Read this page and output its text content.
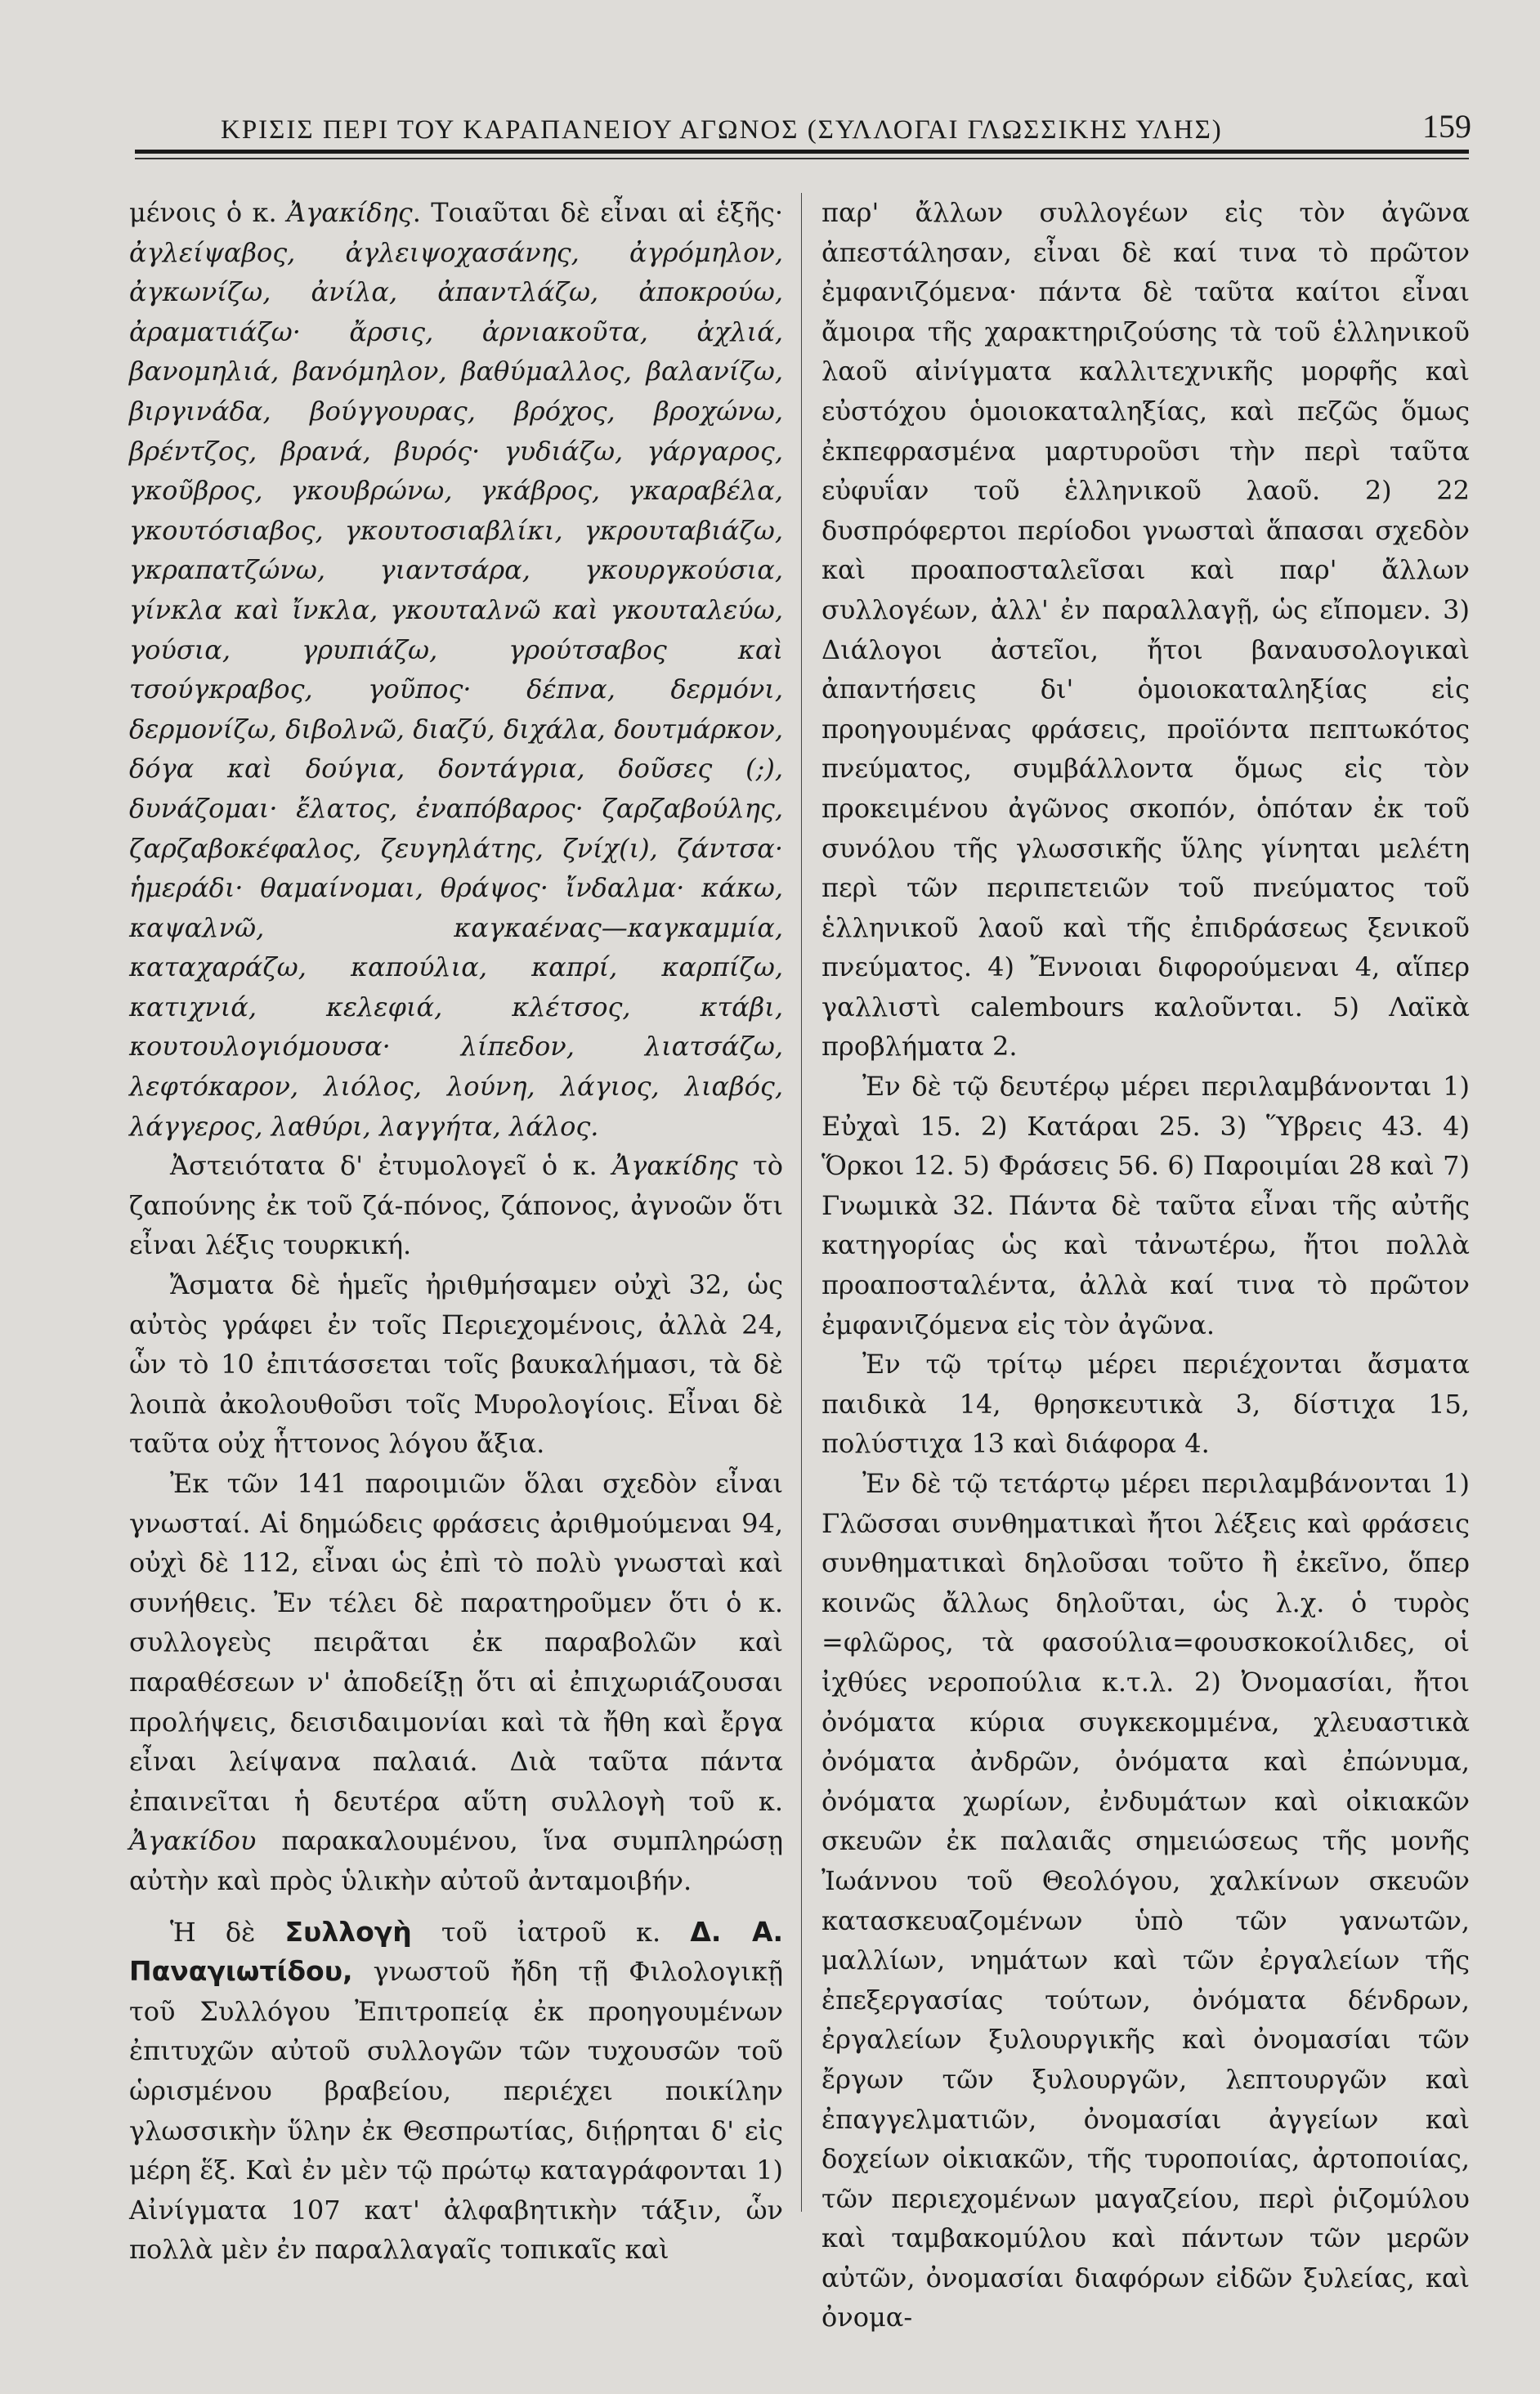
ΚΡΙΣΙΣ ΠΕΡΙ ΤΟΥ ΚΑΡΑΠΑΝΕΙΟΥ ΑΓΩΝΟΣ (ΣΥΛΛΟΓΑΙ ΓΛΩΣΣΙΚΗΣ ΥΛΗΣ)	159

μένοις ὁ κ. Ἀγακίδης. Τοιαῦται δὲ εἶναι αἱ ἑξῆς· ἀγλείψαβος, ἀγλειψοχασάνης, ἀγρόμηλον, ἀγκωνίζω, ἀνίλα, ἀπαντλάζω, ἀποκρούω, ἀραματιάζω· ἄρσις, ἀρνιακοῦτα, ἀχλιά, βανομηλιά, βανόμηλον, βαθύμαλλος, βαλανίζω, βιργινάδα, βούγγουρας, βρόχος, βροχώνω, βρέντζος, βρανά, βυρός· γυδιάζω, γάργαρος, γκοῦβρος, γκουβρώνω, γκάβρος, γκαραβέλα, γκουτόσιαβος, γκουτοσιαβλίκι, γκρουταβιάζω, γκραπατζώνω, γιαντσάρα, γκουργκούσια, γίνκλα καὶ ἴνκλα, γκουταλνῶ καὶ γκουταλεύω, γούσια, γρυπιάζω, γρούτσαβος καὶ τσούγκραβος, γοῦπος· δέπνα, δερμόνι, δερμονίζω, διβολνῶ, διαζύ, διχάλα, δουτμάρκον, δόγα καὶ δούγια, δοντάγρια, δοῦσες (;), δυνάζομαι· ἔλατος, ἐναπόβαρος· ζαρζαβούλης, ζαρζαβοκέφαλος, ζευγηλάτης, ζνίχ(ι), ζάντσα· ἡμεράδι· θαμαίνομαι, θράψος· ἴνδαλμα· κάκω, καψαλνῶ, καγκαένας—καγκαμμία, καταχαράζω, καπούλια, καπρί, καρπίζω, κατιχνιά, κελεφιά, κλέτσος, κτάβι, κουτουλογιόμουσα· λίπεδον, λιατσάζω, λεφτόκαρον, λιόλος, λούνη, λάγιος, λιαβός, λάγγερος, λαθύρι, λαγγήτα, λάλος.

Ἀστειότατα δ' ἐτυμολογεῖ ὁ κ. Ἀγακίδης τὸ ζαπούνης ἐκ τοῦ ζά-πόνος, ζάπονος, ἀγνοῶν ὅτι εἶναι λέξις τουρκική.

Ἄσματα δὲ ἡμεῖς ἠριθμήσαμεν οὐχὶ 32, ὡς αὐτὸς γράφει ἐν τοῖς Περιεχομένοις, ἀλλὰ 24, ὧν τὸ 10 ἐπιτάσσεται τοῖς βαυκαλήμασι, τὰ δὲ λοιπὰ ἀκολουθοῦσι τοῖς Μυρολογίοις. Εἶναι δὲ ταῦτα οὐχ ἧττονος λόγου ἄξια.

Ἐκ τῶν 141 παροιμιῶν ὅλαι σχεδὸν εἶναι γνωσταί. Αἱ δημώδεις φράσεις ἀριθμούμεναι 94, οὐχὶ δὲ 112, εἶναι ὡς ἐπὶ τὸ πολὺ γνωσταὶ καὶ συνήθεις. Ἐν τέλει δὲ παρατηροῦμεν ὅτι ὁ κ. συλλογεὺς πειρᾶται ἐκ παραβολῶν καὶ παραθέσεων ν' ἀποδείξῃ ὅτι αἱ ἐπιχωριάζουσαι προλήψεις, δεισιδαιμονίαι καὶ τὰ ἤθη καὶ ἔργα εἶναι λείψανα παλαιά. Διὰ ταῦτα πάντα ἐπαινεῖται ἡ δευτέρα αὕτη συλλογὴ τοῦ κ. Ἀγακίδου παρακαλουμένου, ἵνα συμπληρώσῃ αὐτὴν καὶ πρὸς ὑλικὴν αὐτοῦ ἀνταμοιβήν.

Ἡ δὲ Συλλογὴ τοῦ ἰατροῦ κ. Δ. Α. Παναγιωτίδου, γνωστοῦ ἤδη τῇ Φιλολογικῇ τοῦ Συλλόγου Ἐπιτροπείᾳ ἐκ προηγουμένων ἐπιτυχῶν αὐτοῦ συλλογῶν τῶν τυχουσῶν τοῦ ὡρισμένου βραβείου, περιέχει ποικίλην γλωσσικὴν ὕλην ἐκ Θεσπρωτίας, διῄρηται δ' εἰς μέρη ἕξ. Καὶ ἐν μὲν τῷ πρώτῳ καταγράφονται 1) Αἰνίγματα 107 κατ' ἀλφαβητικὴν τάξιν, ὧν πολλὰ μὲν ἐν παραλλαγαῖς τοπικαῖς καὶ

παρ' ἄλλων συλλογέων εἰς τὸν ἀγῶνα ἀπεστάλησαν, εἶναι δὲ καί τινα τὸ πρῶτον ἐμφανιζόμενα· πάντα δὲ ταῦτα καίτοι εἶναι ἄμοιρα τῆς χαρακτηριζούσης τὰ τοῦ ἑλληνικοῦ λαοῦ αἰνίγματα καλλιτεχνικῆς μορφῆς καὶ εὐστόχου ὁμοιοκαταληξίας, καὶ πεζῶς ὅμως ἐκπεφρασμένα μαρτυροῦσι τὴν περὶ ταῦτα εὐφυΐαν τοῦ ἑλληνικοῦ λαοῦ. 2) 22 δυσπρόφερτοι περίοδοι γνωσταὶ ἅπασαι σχεδὸν καὶ προαποσταλεῖσαι καὶ παρ' ἄλλων συλλογέων, ἀλλ' ἐν παραλλαγῇ, ὡς εἴπομεν. 3) Διάλογοι ἀστεῖοι, ἤτοι βαναυσολογικαὶ ἀπαντήσεις δι' ὁμοιοκαταληξίας εἰς προηγουμένας φράσεις, προϊόντα πεπτωκότος πνεύματος, συμβάλλοντα ὅμως εἰς τὸν προκειμένου ἀγῶνος σκοπόν, ὁπόταν ἐκ τοῦ συνόλου τῆς γλωσσικῆς ὕλης γίνηται μελέτη περὶ τῶν περιπετειῶν τοῦ πνεύματος τοῦ ἑλληνικοῦ λαοῦ καὶ τῆς ἐπιδράσεως ξενικοῦ πνεύματος. 4) Ἔννοιαι διφορούμεναι 4, αἵπερ γαλλιστὶ calembours καλοῦνται. 5) Λαϊκὰ προβλήματα 2.

Ἐν δὲ τῷ δευτέρῳ μέρει περιλαμβάνονται 1) Εὐχαὶ 15. 2) Κατάραι 25. 3) Ὕβρεις 43. 4) Ὅρκοι 12. 5) Φράσεις 56. 6) Παροιμίαι 28 καὶ 7) Γνωμικὰ 32. Πάντα δὲ ταῦτα εἶναι τῆς αὐτῆς κατηγορίας ὡς καὶ τἀνωτέρω, ἤτοι πολλὰ προαποσταλέντα, ἀλλὰ καί τινα τὸ πρῶτον ἐμφανιζόμενα εἰς τὸν ἀγῶνα.

Ἐν τῷ τρίτῳ μέρει περιέχονται ἄσματα παιδικὰ 14, θρησκευτικὰ 3, δίστιχα 15, πολύστιχα 13 καὶ διάφορα 4.

Ἐν δὲ τῷ τετάρτῳ μέρει περιλαμβάνονται 1) Γλῶσσαι συνθηματικαὶ ἤτοι λέξεις καὶ φράσεις συνθηματικαὶ δηλοῦσαι τοῦτο ἢ ἐκεῖνο, ὅπερ κοινῶς ἄλλως δηλοῦται, ὡς λ.χ. ὁ τυρὸς =φλῶρος, τὰ φασούλια=φουσκοκοίλιδες, οἱ ἰχθύες νεροπούλια κ.τ.λ. 2) Ὀνομασίαι, ἤτοι ὀνόματα κύρια συγκεκομμένα, χλευαστικὰ ὀνόματα ἀνδρῶν, ὀνόματα καὶ ἐπώνυμα, ὀνόματα χωρίων, ἐνδυμάτων καὶ οἰκιακῶν σκευῶν ἐκ παλαιᾶς σημειώσεως τῆς μονῆς Ἰωάννου τοῦ Θεολόγου, χαλκίνων σκευῶν κατασκευαζομένων ὑπὸ τῶν γανωτῶν, μαλλίων, νημάτων καὶ τῶν ἐργαλείων τῆς ἐπεξεργασίας τούτων, ὀνόματα δένδρων, ἐργαλείων ξυλουργικῆς καὶ ὀνομασίαι τῶν ἔργων τῶν ξυλουργῶν, λεπτουργῶν καὶ ἐπαγγελματιῶν, ὀνομασίαι ἀγγείων καὶ δοχείων οἰκιακῶν, τῆς τυροποιίας, ἀρτοποιίας, τῶν περιεχομένων μαγαζείου, περὶ ῥιζομύλου καὶ ταμβακομύλου καὶ πάντων τῶν μερῶν αὐτῶν, ὀνομασίαι διαφόρων εἰδῶν ξυλείας, καὶ ὀνομα-
